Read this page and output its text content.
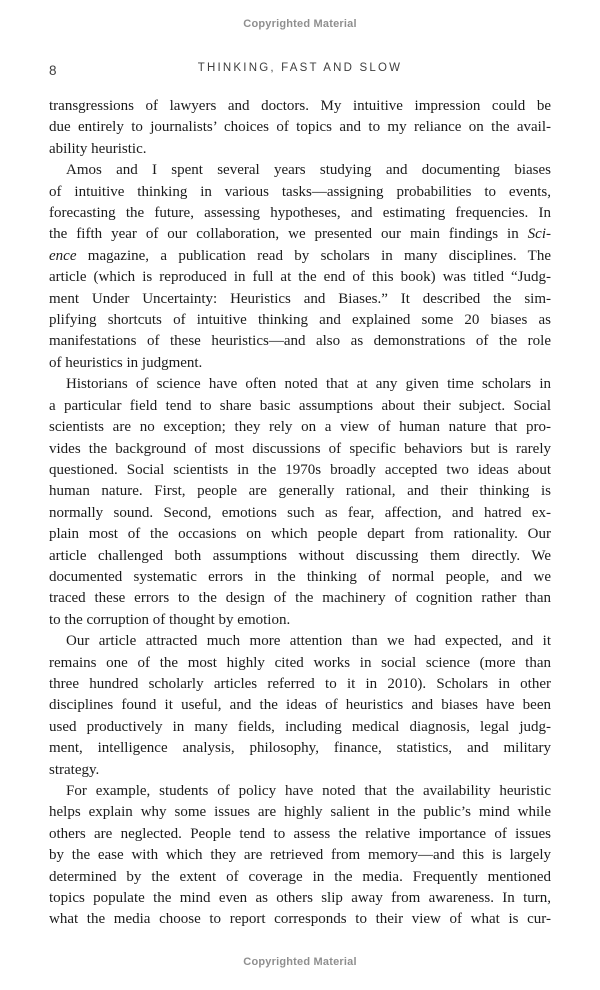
Copyrighted Material
8	THINKING, FAST AND SLOW
transgressions of lawyers and doctors. My intuitive impression could be
due entirely to journalists’ choices of topics and to my reliance on the avail-
ability heuristic.
Amos and I spent several years studying and documenting biases
of intuitive thinking in various tasks—assigning probabilities to events,
forecasting the future, assessing hypotheses, and estimating frequencies. In
the fifth year of our collaboration, we presented our main findings in Sci-
ence magazine, a publication read by scholars in many disciplines. The
article (which is reproduced in full at the end of this book) was titled “Judg-
ment Under Uncertainty: Heuristics and Biases.” It described the sim-
plifying shortcuts of intuitive thinking and explained some 20 biases as
manifestations of these heuristics—and also as demonstrations of the role
of heuristics in judgment.
Historians of science have often noted that at any given time scholars in
a particular field tend to share basic assumptions about their subject. Social
scientists are no exception; they rely on a view of human nature that pro-
vides the background of most discussions of specific behaviors but is rarely
questioned. Social scientists in the 1970s broadly accepted two ideas about
human nature. First, people are generally rational, and their thinking is
normally sound. Second, emotions such as fear, affection, and hatred ex-
plain most of the occasions on which people depart from rationality. Our
article challenged both assumptions without discussing them directly. We
documented systematic errors in the thinking of normal people, and we
traced these errors to the design of the machinery of cognition rather than
to the corruption of thought by emotion.
Our article attracted much more attention than we had expected, and it
remains one of the most highly cited works in social science (more than
three hundred scholarly articles referred to it in 2010). Scholars in other
disciplines found it useful, and the ideas of heuristics and biases have been
used productively in many fields, including medical diagnosis, legal judg-
ment, intelligence analysis, philosophy, finance, statistics, and military
strategy.
For example, students of policy have noted that the availability heuristic
helps explain why some issues are highly salient in the public’s mind while
others are neglected. People tend to assess the relative importance of issues
by the ease with which they are retrieved from memory—and this is largely
determined by the extent of coverage in the media. Frequently mentioned
topics populate the mind even as others slip away from awareness. In turn,
what the media choose to report corresponds to their view of what is cur-
Copyrighted Material
